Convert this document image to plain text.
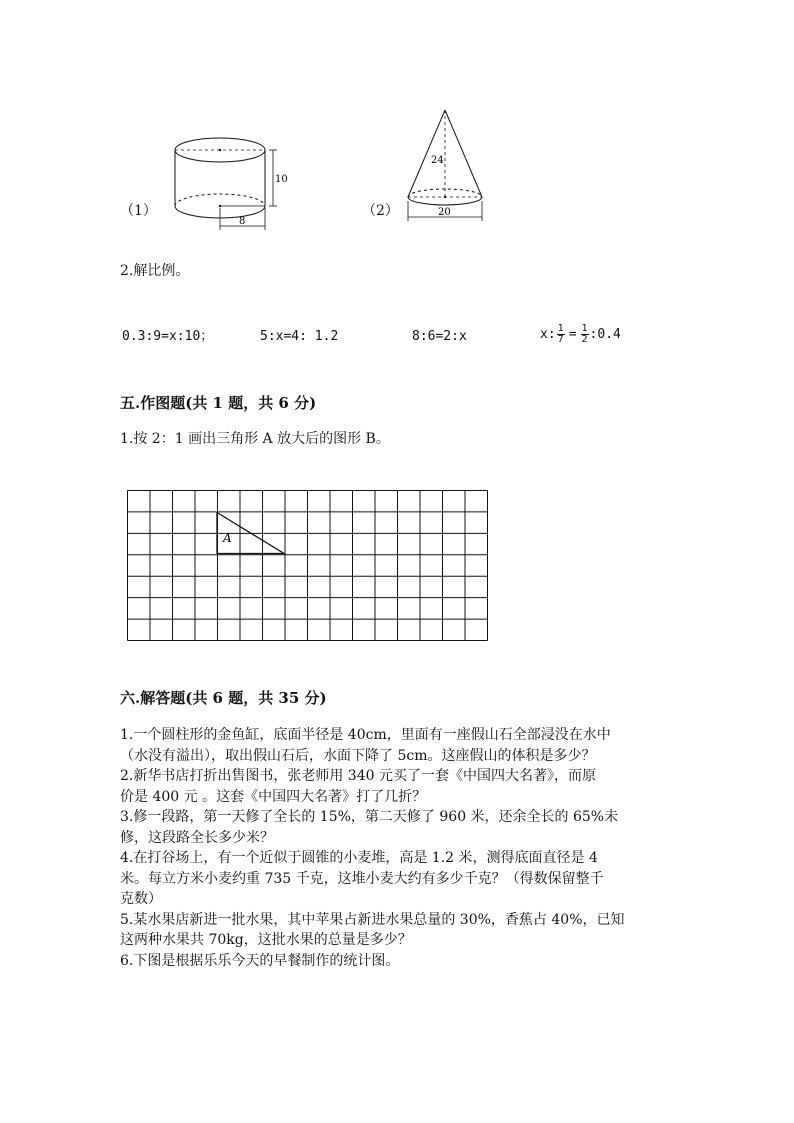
（1）
10
8
（2）
24
20
2.解比例。
0.3:9=x:10；	5:x=4: 1.2	8:6=2:x	x: $\frac{1}{7} = \frac{1}{2}$ :0.4
五.作图题(共 1 题，共 6 分)
1.按 2：1 画出三角形 A 放大后的图形 B。
A
六.解答题(共 6 题，共 35 分)
1.一个圆柱形的金鱼缸，底面半径是 40cm，里面有一座假山石全部浸没在水中
（水没有溢出），取出假山石后，水面下降了 5cm。这座假山的体积是多少？
2.新华书店打折出售图书，张老师用 340 元买了一套《中国四大名著》，而原
价是 400 元 。这套《中国四大名著》打了几折？
3.修一段路，第一天修了全长的 15%，第二天修了 960 米，还余全长的 65%未
修，这段路全长多少米？
4.在打谷场上，有一个近似于圆锥的小麦堆，高是 1.2 米，测得底面直径是 4
米。每立方米小麦约重 735 千克，这堆小麦大约有多少千克？（得数保留整千
克数）
5.某水果店新进一批水果，其中苹果占新进水果总量的 30%，香蕉占 40%，已知
这两种水果共 70kg，这批水果的总量是多少？
6.下图是根据乐乐今天的早餐制作的统计图。
